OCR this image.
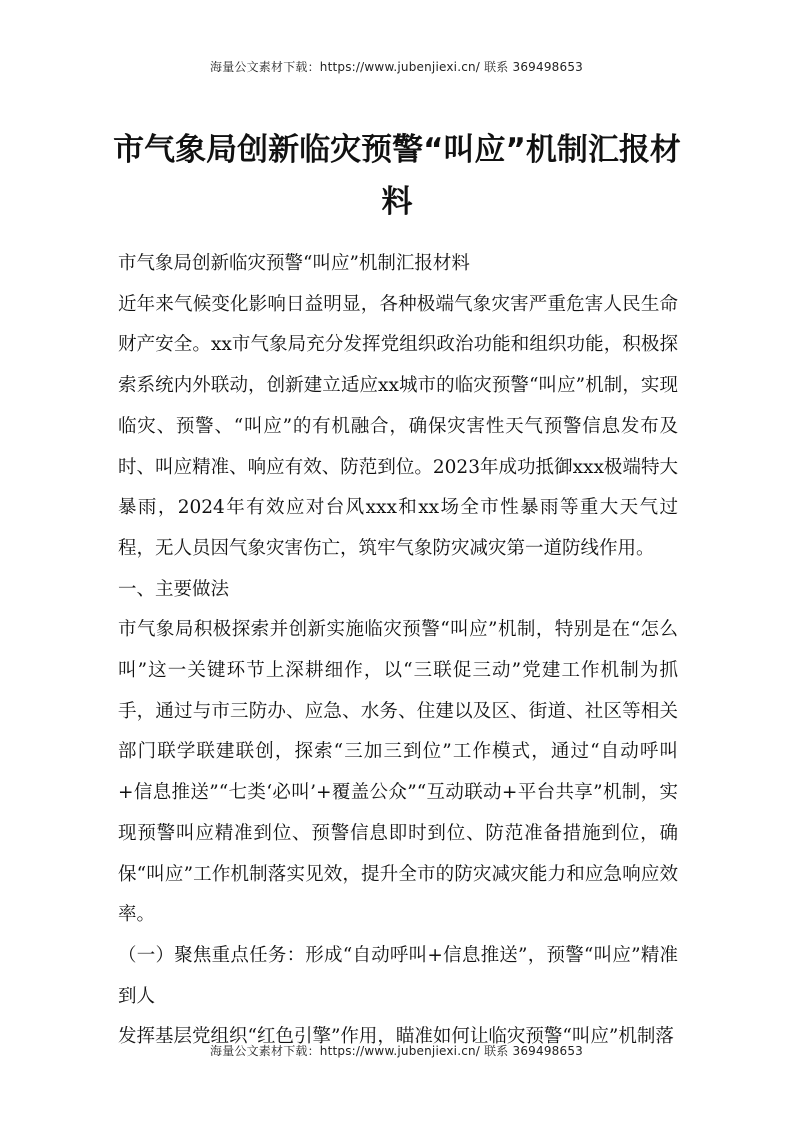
海量公文素材下载：https://www.jubenjiexi.cn/ 联系 369498653
市气象局创新临灾预警“叫应”机制汇报材料

市气象局创新临灾预警“叫应”机制汇报材料

近年来气候变化影响日益明显，各种极端气象灾害严重危害人民生命财产安全。xx市气象局充分发挥党组织政治功能和组织功能，积极探索系统内外联动，创新建立适应xx城市的临灾预警“叫应”机制，实现临灾、预警、“叫应”的有机融合，确保灾害性天气预警信息发布及时、叫应精准、响应有效、防范到位。2023年成功抵御xxx极端特大暴雨，2024年有效应对台风xxx和xx场全市性暴雨等重大天气过程，无人员因气象灾害伤亡，筑牢气象防灾减灾第一道防线作用。

一、主要做法

市气象局积极探索并创新实施临灾预警“叫应”机制，特别是在“怎么叫”这一关键环节上深耕细作，以“三联促三动”党建工作机制为抓手，通过与市三防办、应急、水务、住建以及区、街道、社区等相关部门联学联建联创，探索“三加三到位”工作模式，通过“自动呼叫+信息推送”“七类‘必叫’+覆盖公众”“互动联动+平台共享”机制，实现预警叫应精准到位、预警信息即时到位、防范准备措施到位，确保“叫应”工作机制落实见效，提升全市的防灾减灾能力和应急响应效率。

（一）聚焦重点任务：形成“自动呼叫+信息推送”，预警“叫应”精准到人

发挥基层党组织“红色引擎”作用，瞄准如何让临灾预警“叫应”机制落

海量公文素材下载：https://www.jubenjiexi.cn/ 联系 369498653
